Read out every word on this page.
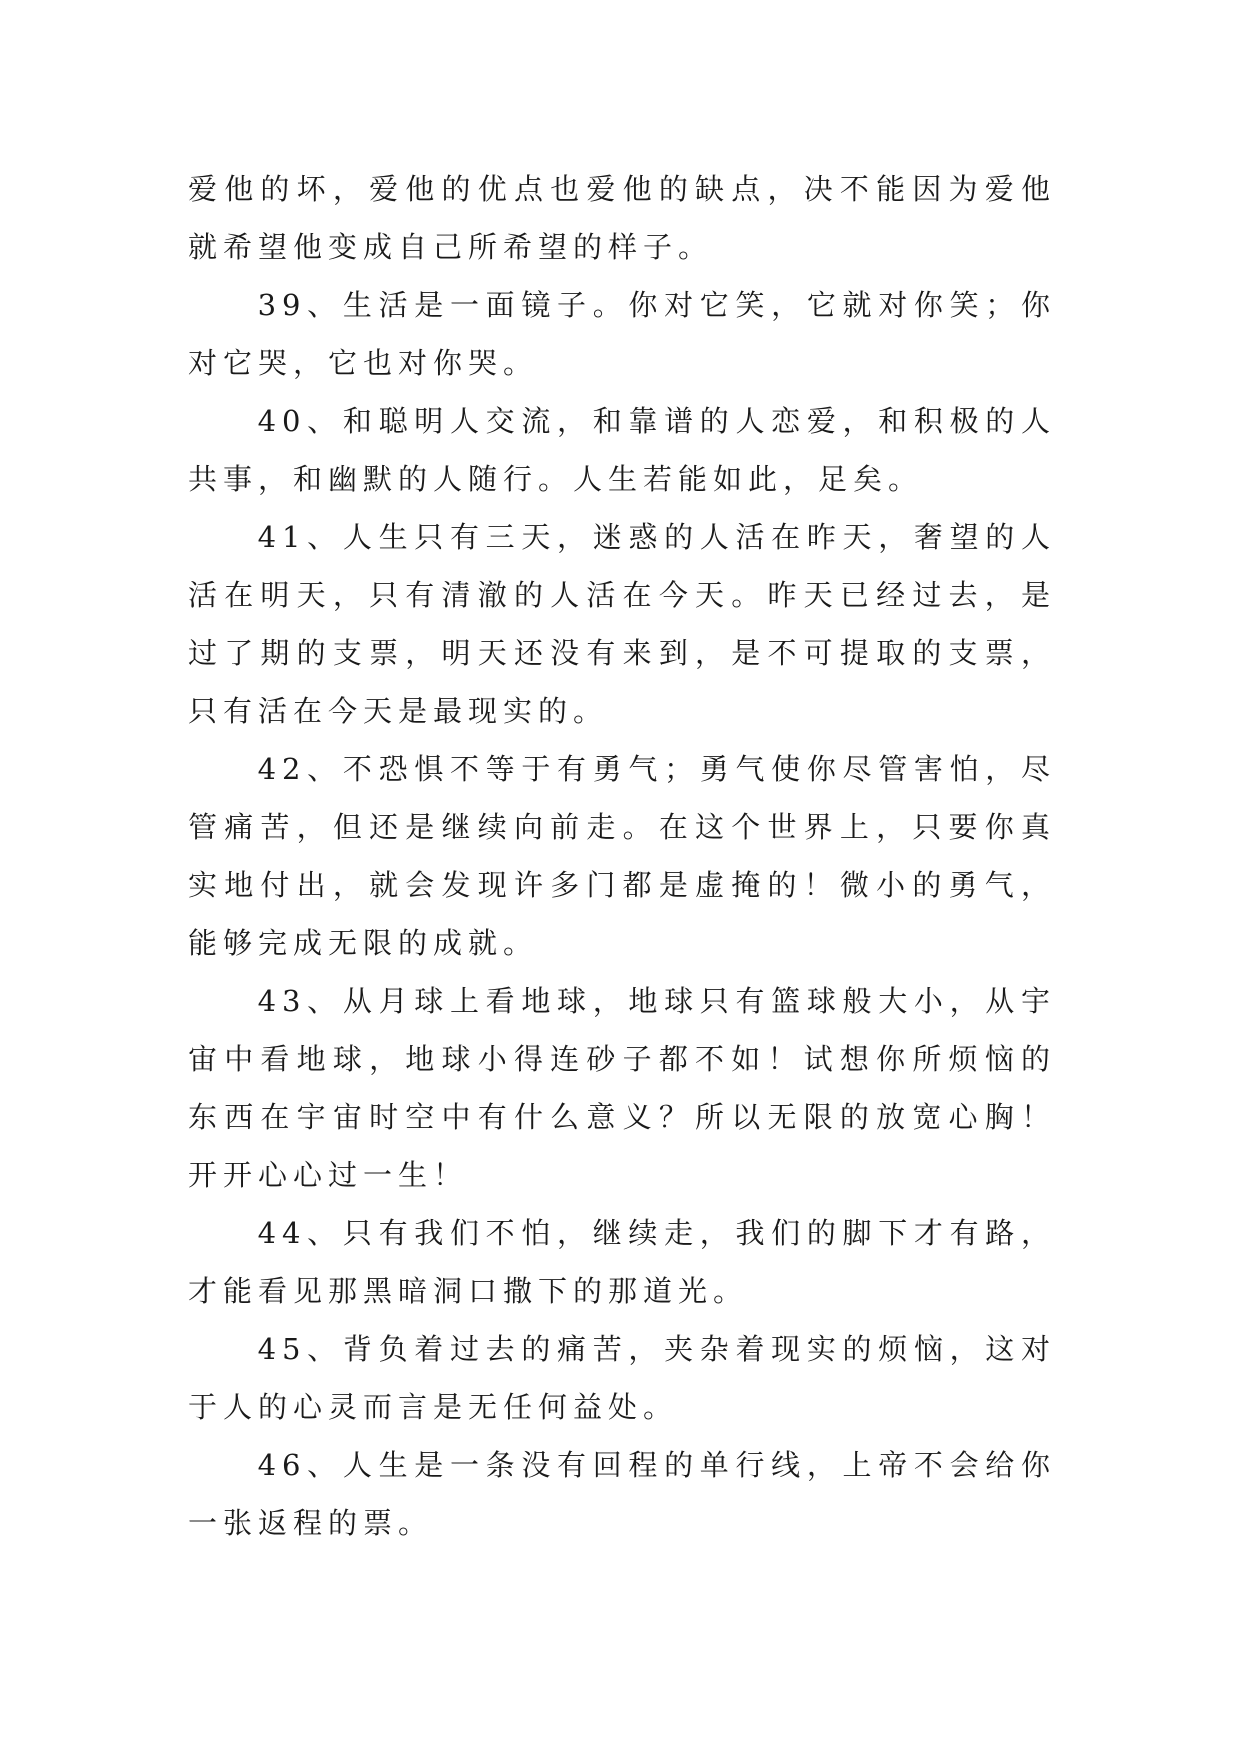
爱他的坏，爱他的优点也爱他的缺点，决不能因为爱他就希望他变成自己所希望的样子。

39、生活是一面镜子。你对它笑，它就对你笑；你对它哭，它也对你哭。

40、和聪明人交流，和靠谱的人恋爱，和积极的人共事，和幽默的人随行。人生若能如此，足矣。

41、人生只有三天，迷惑的人活在昨天，奢望的人活在明天，只有清澈的人活在今天。昨天已经过去，是过了期的支票，明天还没有来到，是不可提取的支票，只有活在今天是最现实的。

42、不恐惧不等于有勇气；勇气使你尽管害怕，尽管痛苦，但还是继续向前走。在这个世界上，只要你真实地付出，就会发现许多门都是虚掩的！微小的勇气，能够完成无限的成就。

43、从月球上看地球，地球只有篮球般大小，从宇宙中看地球，地球小得连砂子都不如！试想你所烦恼的东西在宇宙时空中有什么意义？所以无限的放宽心胸！开开心心过一生！

44、只有我们不怕，继续走，我们的脚下才有路，才能看见那黑暗洞口撒下的那道光。

45、背负着过去的痛苦，夹杂着现实的烦恼，这对于人的心灵而言是无任何益处。

46、人生是一条没有回程的单行线，上帝不会给你一张返程的票。
